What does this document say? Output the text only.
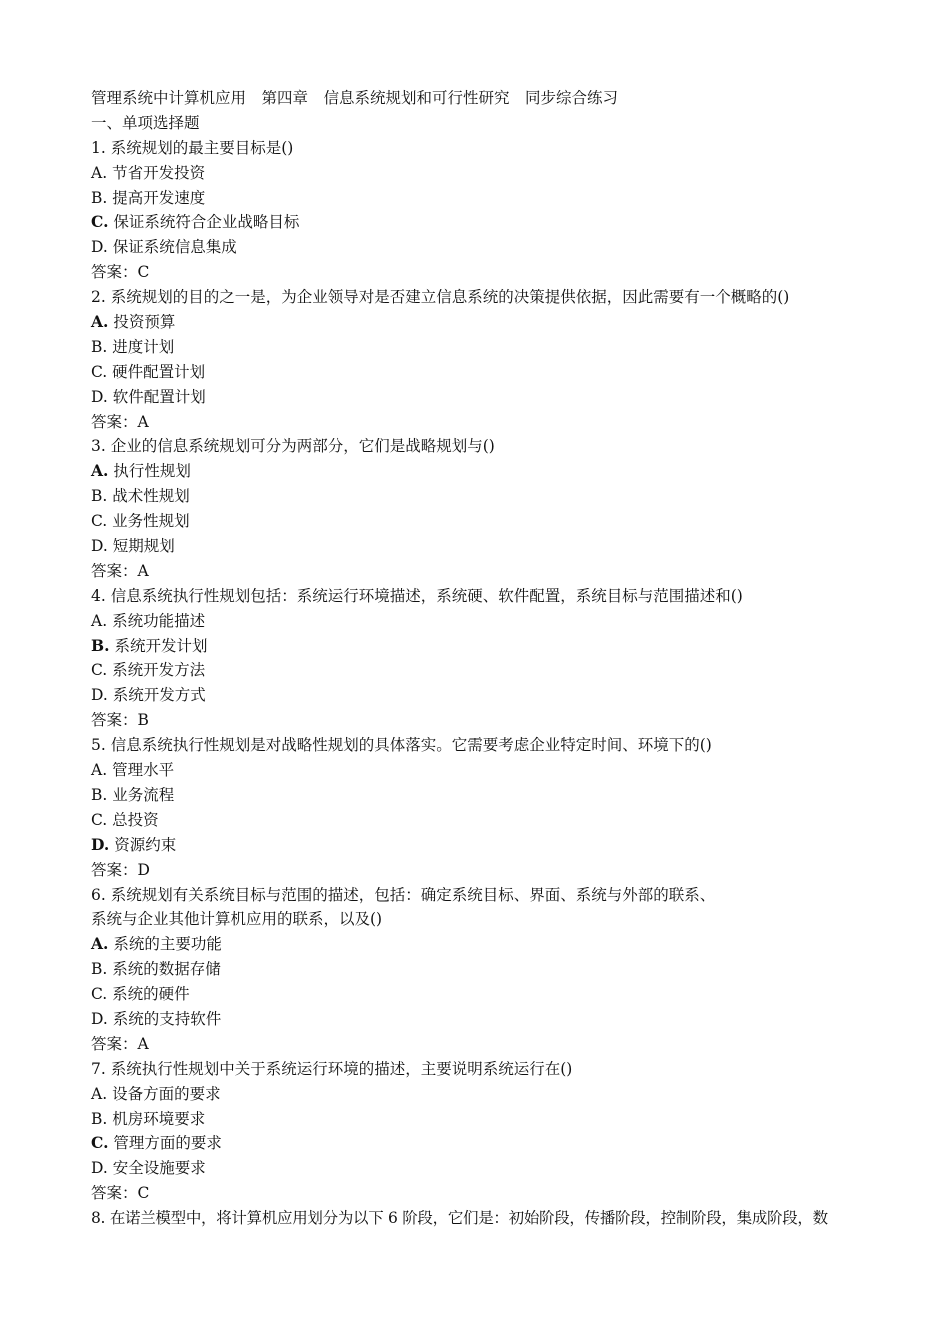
管理系统中计算机应用　第四章　信息系统规划和可行性研究　同步综合练习
一、单项选择题
1. 系统规划的最主要目标是()
A. 节省开发投资
B. 提高开发速度
C. 保证系统符合企业战略目标
D. 保证系统信息集成
答案：C
2. 系统规划的目的之一是，为企业领导对是否建立信息系统的决策提供依据，因此需要有一个概略的()
A. 投资预算
B. 进度计划
C. 硬件配置计划
D. 软件配置计划
答案：A
3. 企业的信息系统规划可分为两部分，它们是战略规划与()
A. 执行性规划
B. 战术性规划
C. 业务性规划
D. 短期规划
答案：A
4. 信息系统执行性规划包括：系统运行环境描述，系统硬、软件配置，系统目标与范围描述和()
A. 系统功能描述
B. 系统开发计划
C. 系统开发方法
D. 系统开发方式
答案：B
5. 信息系统执行性规划是对战略性规划的具体落实。它需要考虑企业特定时间、环境下的()
A. 管理水平
B. 业务流程
C. 总投资
D. 资源约束
答案：D
6. 系统规划有关系统目标与范围的描述，包括：确定系统目标、界面、系统与外部的联系、
系统与企业其他计算机应用的联系，以及()
A. 系统的主要功能
B. 系统的数据存储
C. 系统的硬件
D. 系统的支持软件
答案：A
7. 系统执行性规划中关于系统运行环境的描述，主要说明系统运行在()
A. 设备方面的要求
B. 机房环境要求
C. 管理方面的要求
D. 安全设施要求
答案：C
8. 在诺兰模型中，将计算机应用划分为以下 6 阶段，它们是：初始阶段，传播阶段，控制阶段，集成阶段，数
